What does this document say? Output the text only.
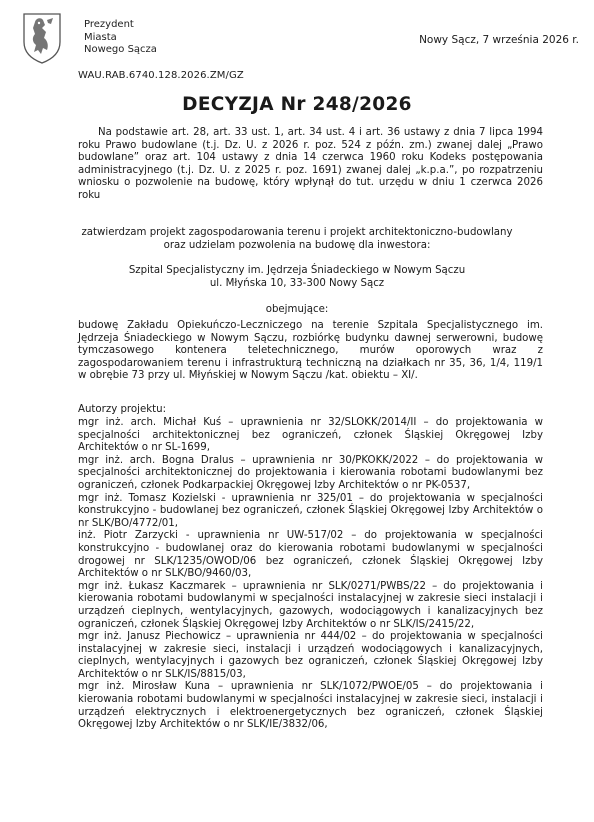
Prezydent
Miasta
Nowego Sącza
Nowy Sącz, 7 września 2026 r.
WAU.RAB.6740.128.2026.ZM/GZ
DECYZJA Nr 248/2026
Na podstawie art. 28, art. 33 ust. 1, art. 34 ust. 4 i art. 36 ustawy z dnia 7 lipca 1994 roku Prawo budowlane (t.j. Dz. U. z 2026 r. poz. 524 z późn. zm.) zwanej dalej „Prawo budowlane” oraz art. 104 ustawy z dnia 14 czerwca 1960 roku Kodeks postępowania administracyjnego (t.j. Dz. U. z 2025 r. poz. 1691) zwanej dalej „k.p.a.”, po rozpatrzeniu wniosku o pozwolenie na budowę, który wpłynął do tut. urzędu w dniu 1 czerwca 2026 roku
zatwierdzam projekt zagospodarowania terenu i projekt architektoniczno-budowlany
oraz udzielam pozwolenia na budowę dla inwestora:
Szpital Specjalistyczny im. Jędrzeja Śniadeckiego w Nowym Sączu
ul. Młyńska 10, 33-300 Nowy Sącz
obejmujące:
budowę Zakładu Opiekuńczo-Leczniczego na terenie Szpitala Specjalistycznego im. Jędrzeja Śniadeckiego w Nowym Sączu, rozbiórkę budynku dawnej serwerowni, budowę tymczasowego kontenera teletechnicznego, murów oporowych wraz z zagospodarowaniem terenu i infrastrukturą techniczną na działkach nr 35, 36, 1/4, 119/1 w obrębie 73 przy ul. Młyńskiej w Nowym Sączu /kat. obiektu – XI/.
Autorzy projektu:
mgr inż. arch. Michał Kuś – uprawnienia nr 32/SLOKK/2014/II – do projektowania w specjalności architektonicznej bez ograniczeń, członek Śląskiej Okręgowej Izby Architektów o nr SL-1699,
mgr inż. arch. Bogna Dralus – uprawnienia nr 30/PKOKK/2022 – do projektowania w specjalności architektonicznej do projektowania i kierowania robotami budowlanymi bez ograniczeń, członek Podkarpackiej Okręgowej Izby Architektów o nr PK-0537,
mgr inż. Tomasz Kozielski - uprawnienia nr 325/01 – do projektowania w specjalności konstrukcyjno - budowlanej bez ograniczeń, członek Śląskiej Okręgowej Izby Architektów o nr SLK/BO/4772/01,
inż. Piotr Zarzycki - uprawnienia nr UW-517/02 – do projektowania w specjalności konstrukcyjno - budowlanej oraz do kierowania robotami budowlanymi w specjalności drogowej nr SLK/1235/OWOD/06 bez ograniczeń, członek Śląskiej Okręgowej Izby Architektów o nr SLK/BO/9460/03,
mgr inż. Łukasz Kaczmarek – uprawnienia nr SLK/0271/PWBS/22 – do projektowania i kierowania robotami budowlanymi w specjalności instalacyjnej w zakresie sieci instalacji i urządzeń cieplnych, wentylacyjnych, gazowych, wodociągowych i kanalizacyjnych bez ograniczeń, członek Śląskiej Okręgowej Izby Architektów o nr SLK/IS/2415/22,
mgr inż. Janusz Piechowicz – uprawnienia nr 444/02 – do projektowania w specjalności instalacyjnej w zakresie sieci, instalacji i urządzeń wodociągowych i kanalizacyjnych, cieplnych, wentylacyjnych i gazowych bez ograniczeń, członek Śląskiej Okręgowej Izby Architektów o nr SLK/IS/8815/03,
mgr inż. Mirosław Kuna – uprawnienia nr SLK/1072/PWOE/05 – do projektowania i kierowania robotami budowlanymi w specjalności instalacyjnej w zakresie sieci, instalacji i urządzeń elektrycznych i elektroenergetycznych bez ograniczeń, członek Śląskiej Okręgowej Izby Architektów o nr SLK/IE/3832/06,
